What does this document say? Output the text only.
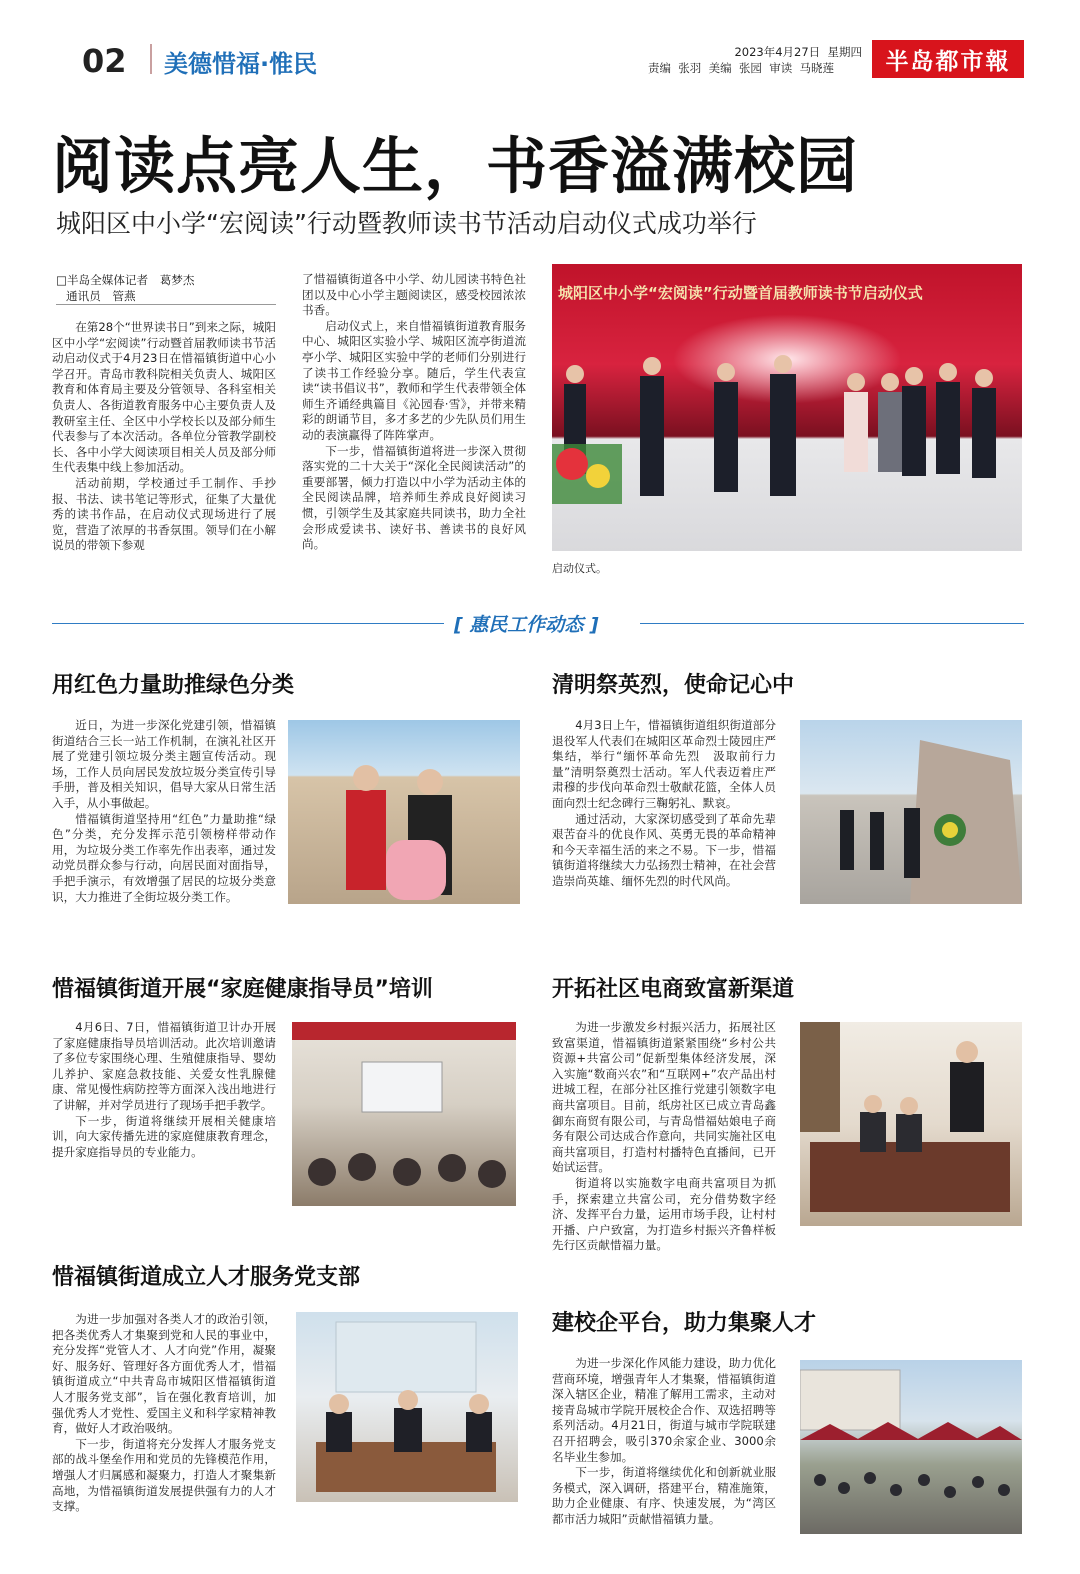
02 美德惜福·惟民	2023年4月27日 星期四
责编  张羽  美编  张园  审读  马晓莲	半岛都市報
阅读点亮人生，书香溢满校园
城阳区中小学“宏阅读”行动暨教师读书节活动启动仪式成功举行
□半岛全媒体记者　葛梦杰
通讯员　管燕

在第28个“世界读书日”到来之际，城阳区中小学“宏阅读”行动暨首届教师读书节活动启动仪式于4月23日在惜福镇街道中心小学召开。青岛市教科院相关负责人、城阳区教育和体育局主要及分管领导、各科室相关负责人、各街道教育服务中心主要负责人及教研室主任、全区中小学校长以及部分师生代表参与了本次活动。各单位分管教学副校长、各中小学大阅读项目相关人员及部分师生代表集中线上参加活动。

活动前期，学校通过手工制作、手抄报、书法、读书笔记等形式，征集了大量优秀的读书作品，在启动仪式现场进行了展览，营造了浓厚的书香氛围。领导们在小解说员的带领下参观

了惜福镇街道各中小学、幼儿园读书特色社团以及中心小学主题阅读区，感受校园浓浓书香。

启动仪式上，来自惜福镇街道教育服务中心、城阳区实验小学、城阳区流亭街道流亭小学、城阳区实验中学的老师们分别进行了读书工作经验分享。随后，学生代表宣读“读书倡议书”，教师和学生代表带领全体师生齐诵经典篇目《沁园春·雪》，并带来精彩的朗诵节目，多才多艺的少先队员们用生动的表演赢得了阵阵掌声。

下一步，惜福镇街道将进一步深入贯彻落实党的二十大关于“深化全民阅读活动”的重要部署，倾力打造以中小学为活动主体的全民阅读品牌，培养师生养成良好阅读习惯，引领学生及其家庭共同读书，助力全社会形成爱读书、读好书、善读书的良好风尚。

城阳区中小学“宏阅读”行动暨首届教师读书节启动仪式
启动仪式。
[ 惠民工作动态 ]
用红色力量助推绿色分类

近日，为进一步深化党建引领，惜福镇街道结合三长一站工作机制，在演礼社区开展了党建引领垃圾分类主题宣传活动。现场，工作人员向居民发放垃圾分类宣传引导手册，普及相关知识，倡导大家从日常生活入手，从小事做起。

惜福镇街道坚持用“红色”力量助推“绿色”分类，充分发挥示范引领榜样带动作用，为垃圾分类工作率先作出表率，通过发动党员群众参与行动，向居民面对面指导，手把手演示，有效增强了居民的垃圾分类意识，大力推进了全街垃圾分类工作。

清明祭英烈，使命记心中

4月3日上午，惜福镇街道组织街道部分退役军人代表们在城阳区革命烈士陵园庄严集结，举行“缅怀革命先烈　汲取前行力量”清明祭奠烈士活动。军人代表迈着庄严肃穆的步伐向革命烈士敬献花篮，全体人员面向烈士纪念碑行三鞠躬礼、默哀。

通过活动，大家深切感受到了革命先辈艰苦奋斗的优良作风、英勇无畏的革命精神和今天幸福生活的来之不易。下一步，惜福镇街道将继续大力弘扬烈士精神，在社会营造崇尚英雄、缅怀先烈的时代风尚。

惜福镇街道开展“家庭健康指导员”培训

4月6日、7日，惜福镇街道卫计办开展了家庭健康指导员培训活动。此次培训邀请了多位专家围绕心理、生殖健康指导、婴幼儿养护、家庭急救技能、关爱女性乳腺健康、常见慢性病防控等方面深入浅出地进行了讲解，并对学员进行了现场手把手教学。

下一步，街道将继续开展相关健康培训，向大家传播先进的家庭健康教育理念，提升家庭指导员的专业能力。

开拓社区电商致富新渠道

为进一步激发乡村振兴活力，拓展社区致富渠道，惜福镇街道紧紧围绕“乡村公共资源+共富公司”促新型集体经济发展，深入实施“数商兴农”和“互联网+”农产品出村进城工程，在部分社区推行党建引领数字电商共富项目。目前，纸房社区已成立青岛鑫御东商贸有限公司，与青岛惜福姑娘电子商务有限公司达成合作意向，共同实施社区电商共富项目，打造村村播特色直播间，已开始试运营。

街道将以实施数字电商共富项目为抓手，探索建立共富公司，充分借势数字经济、发挥平台力量，运用市场手段，让村村开播、户户致富，为打造乡村振兴齐鲁样板先行区贡献惜福力量。

惜福镇街道成立人才服务党支部

为进一步加强对各类人才的政治引领，把各类优秀人才集聚到党和人民的事业中，充分发挥“党管人才、人才向党”作用，凝聚好、服务好、管理好各方面优秀人才，惜福镇街道成立“中共青岛市城阳区惜福镇街道人才服务党支部”，旨在强化教育培训，加强优秀人才党性、爱国主义和科学家精神教育，做好人才政治吸纳。

下一步，街道将充分发挥人才服务党支部的战斗堡垒作用和党员的先锋模范作用，增强人才归属感和凝聚力，打造人才聚集新高地，为惜福镇街道发展提供强有力的人才支撑。

建校企平台，助力集聚人才

为进一步深化作风能力建设，助力优化营商环境，增强青年人才集聚，惜福镇街道深入辖区企业，精准了解用工需求，主动对接青岛城市学院开展校企合作、双选招聘等系列活动。4月21日，街道与城市学院联建召开招聘会，吸引370余家企业、3000余名毕业生参加。

下一步，街道将继续优化和创新就业服务模式，深入调研，搭建平台，精准施策，助力企业健康、有序、快速发展，为“湾区都市活力城阳”贡献惜福镇力量。
